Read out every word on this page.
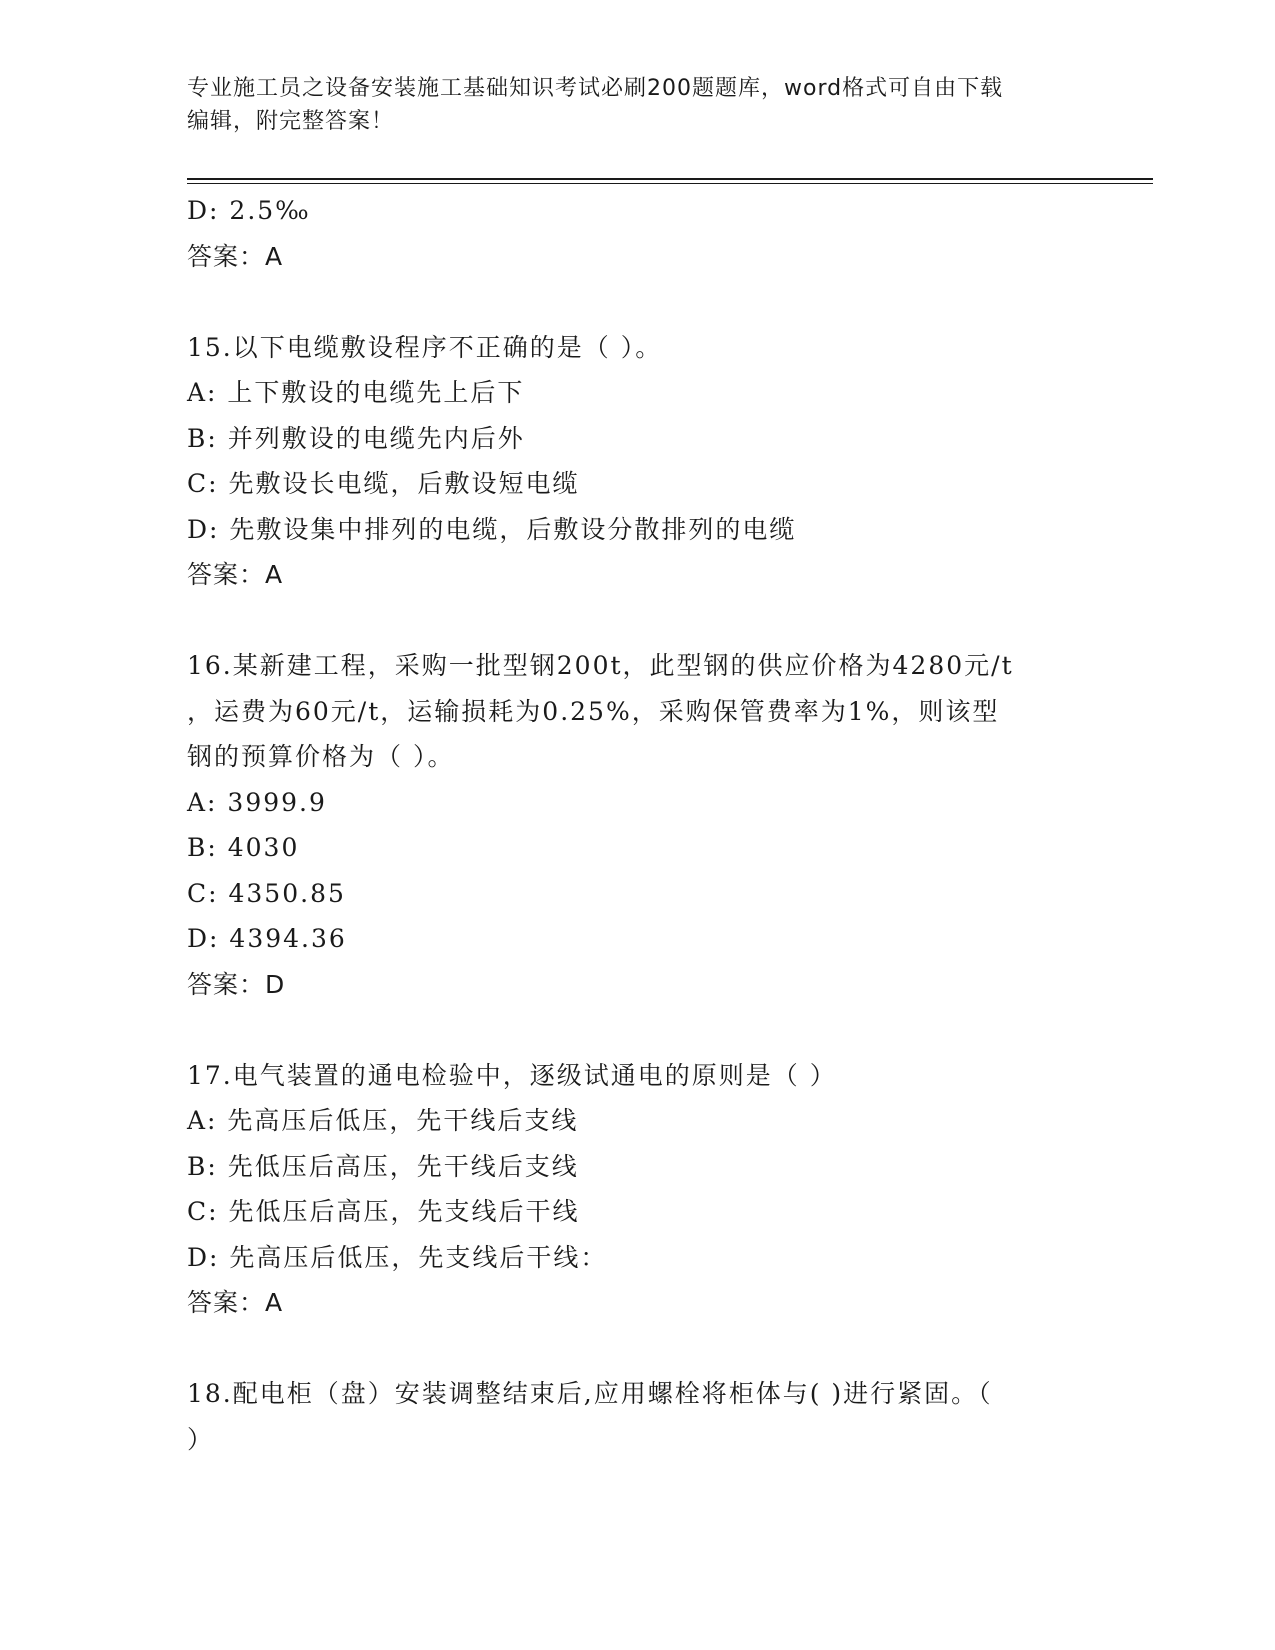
专业施工员之设备安装施工基础知识考试必刷200题题库，word格式可自由下载
编辑，附完整答案！
D: 2.5‰
答案：A
15.以下电缆敷设程序不正确的是（ ）。
A: 上下敷设的电缆先上后下
B: 并列敷设的电缆先内后外
C: 先敷设长电缆，后敷设短电缆
D: 先敷设集中排列的电缆，后敷设分散排列的电缆
答案：A
16.某新建工程，采购一批型钢200t，此型钢的供应价格为4280元/t
，运费为60元/t，运输损耗为0.25%，采购保管费率为1%，则该型
钢的预算价格为（ ）。
A: 3999.9
B: 4030
C: 4350.85
D: 4394.36
答案：D
17.电气装置的通电检验中，逐级试通电的原则是（ ）
A: 先高压后低压，先干线后支线
B: 先低压后高压，先干线后支线
C: 先低压后高压，先支线后干线
D: 先高压后低压，先支线后干线：
答案：A
18.配电柜（盘）安装调整结束后,应用螺栓将柜体与( )进行紧固。（
）
